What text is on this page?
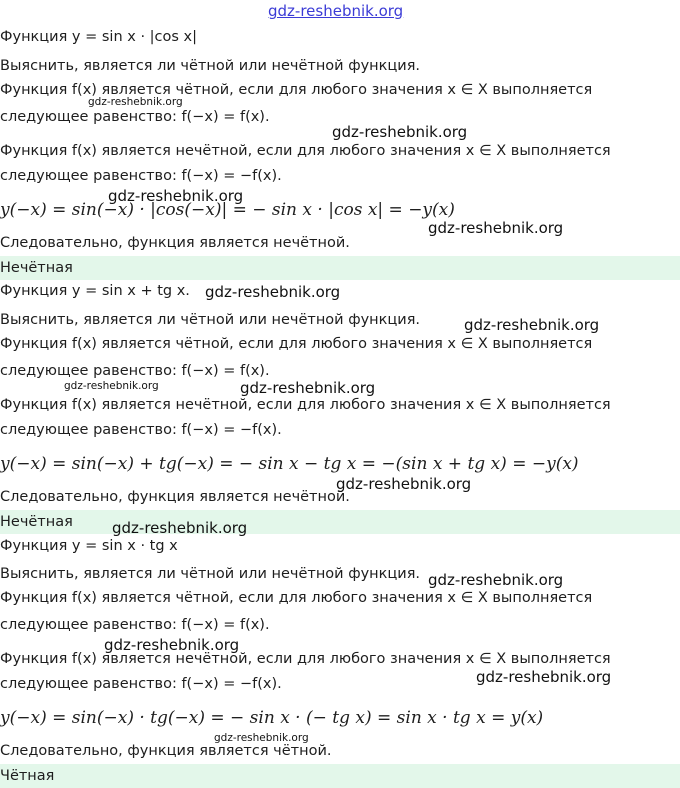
gdz-reshebnik.org
Функция y = sin x · |cos x|
Выяснить, является ли чётной или нечётной функция.
Функция f(x) является чётной, если для любого значения x ∈ X выполняется
следующее равенство: f(−x) = f(x).
Функция f(x) является нечётной, если для любого значения x ∈ X выполняется
следующее равенство: f(−x) = −f(x).
y(−x) = sin(−x) · |cos(−x)| = − sin x · |cos x| = −y(x)
Следовательно, функция является нечётной.
Нечётная
Функция y = sin x + tg x.
Выяснить, является ли чётной или нечётной функция.
Функция f(x) является чётной, если для любого значения x ∈ X выполняется
следующее равенство: f(−x) = f(x).
Функция f(x) является нечётной, если для любого значения x ∈ X выполняется
следующее равенство: f(−x) = −f(x).
y(−x) = sin(−x) + tg(−x) = − sin x − tg x = −(sin x + tg x) = −y(x)
Следовательно, функция является нечётной.
Нечётная
Функция y = sin x · tg x
Выяснить, является ли чётной или нечётной функция.
Функция f(x) является чётной, если для любого значения x ∈ X выполняется
следующее равенство: f(−x) = f(x).
Функция f(x) является нечётной, если для любого значения x ∈ X выполняется
следующее равенство: f(−x) = −f(x).
y(−x) = sin(−x) · tg(−x) = − sin x · (− tg x) = sin x · tg x = y(x)
Следовательно, функция является чётной.
Чётная
gdz-reshebnik.org
gdz-reshebnik.org
gdz-reshebnik.org
gdz-reshebnik.org
gdz-reshebnik.org
gdz-reshebnik.org
gdz-reshebnik.org	gdz-reshebnik.org
gdz-reshebnik.org
gdz-reshebnik.org
gdz-reshebnik.org
gdz-reshebnik.org
gdz-reshebnik.org
gdz-reshebnik.org
